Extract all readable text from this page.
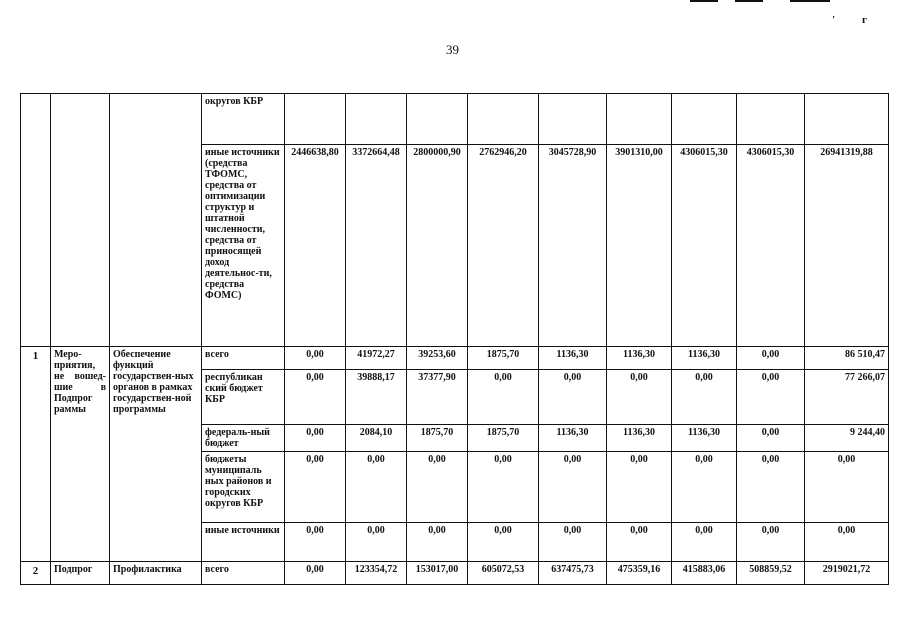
′ г
39
			округов КБР									
			иные источники (средства ТФОМС, средства от оптимизации структур и штатной численности, средства от приносящей доход деятельнос-ти, средства ФОМС)	2446638,80	3372664,48	2800000,90	2762946,20	3045728,90	3901310,00	4306015,30	4306015,30	26941319,88
1	Меро-приятия, не вошед-шие в Подпрог раммы	Обеспечение функций государствен-ных органов в рамках государствен-ной программы	всего	0,00	41972,27	39253,60	1875,70	1136,30	1136,30	1136,30	0,00	86 510,47
			республикан ский бюджет КБР	0,00	39888,17	37377,90	0,00	0,00	0,00	0,00	0,00	77 266,07
			федераль-ный бюджет	0,00	2084,10	1875,70	1875,70	1136,30	1136,30	1136,30	0,00	9 244,40
			бюджеты муниципаль ных районов и городских округов КБР	0,00	0,00	0,00	0,00	0,00	0,00	0,00	0,00	0,00
			иные источники	0,00	0,00	0,00	0,00	0,00	0,00	0,00	0,00	0,00
2	Подпрог	Профилактика	всего	0,00	123354,72	153017,00	605072,53	637475,73	475359,16	415883,06	508859,52	2919021,72
